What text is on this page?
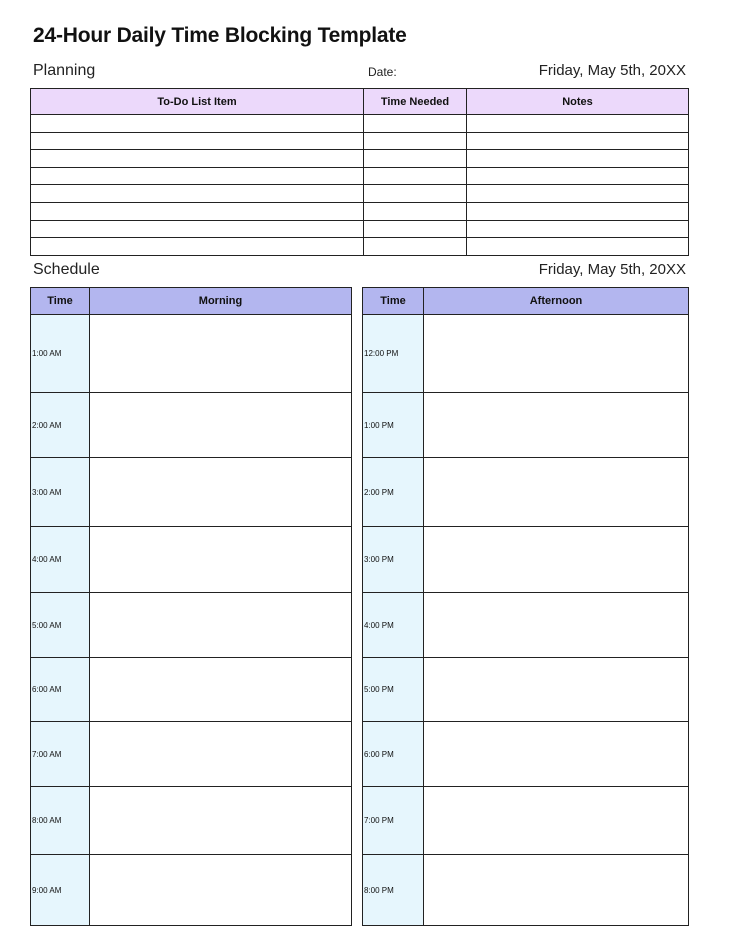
24-Hour Daily Time Blocking Template
Planning	Date:	Friday, May 5th, 20XX
To-Do List Item	Time Needed	Notes

Schedule	Friday, May 5th, 20XX
Time	Morning
1:00 AM	
2:00 AM	
3:00 AM	
4:00 AM	
5:00 AM	
6:00 AM	
7:00 AM	
8:00 AM	
9:00 AM	
Time	Afternoon
12:00 PM	
1:00 PM	
2:00 PM	
3:00 PM	
4:00 PM	
5:00 PM	
6:00 PM	
7:00 PM	
8:00 PM	
